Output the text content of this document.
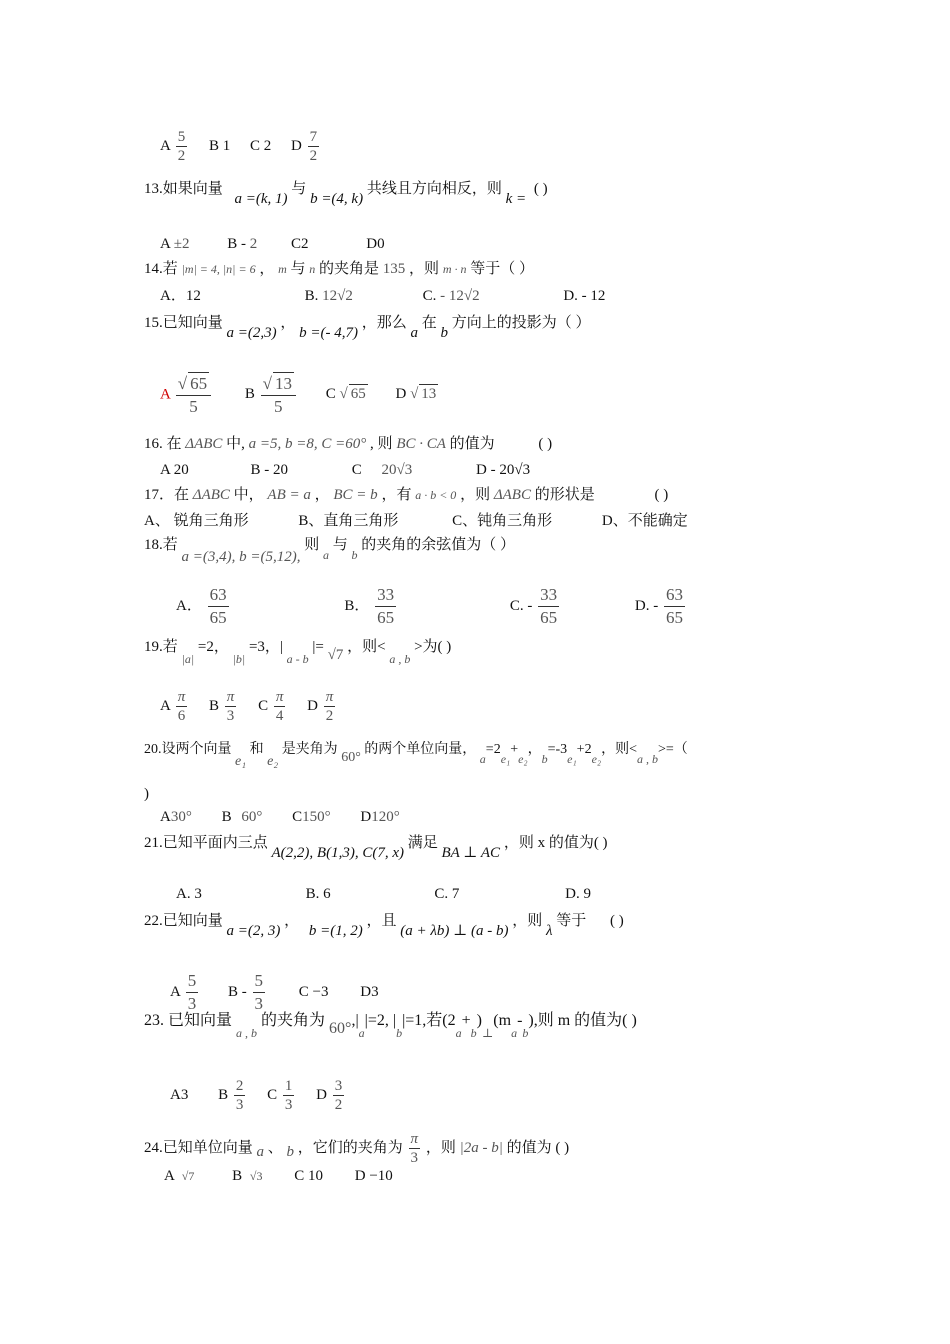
A $\frac{5}{2}$ B 1 C 2 D $\frac{7}{2}$
13.如果向量 a =(k, 1) 与 b =(4, k) 共线且方向相反，则 k = ( )
A ±2	B - 2 C2	D0
14.若 |m| = 4, |n| = 6 ， m 与 n 的夹角是 135 ，则 m · n 等于（ ）
A．12	B. 12√2	C. - 12√2	D. - 12
15.已知向量 a =(2,3) ， b =(- 4,7) ，那么 a 在 b 方向上的投影为（ ）
A √ $\frac{65}{5}$ B √ $\frac{13}{5}$ C √ 65 D √ 13
16. 在 ΔABC 中, a =5, b =8, C =60° , 则 BC · CA 的值为	( )
A 20	B - 20	C 20√3	D - 20√3
17．在 ΔABC 中， AB = a ， BC = b ，有 a · b < 0 ，则 ΔABC 的形状是	( )
A、 锐角三角形	B、直角三角形	C、钝角三角形	D、不能确定
18.若 a =(3,4), b =(5,12), 则 $_a$ 与 $_b$ 的夹角的余弦值为（ ）
A． $\frac{63}{65}$	B． $\frac{33}{65}$	C. - $\frac{33}{65}$	D. - $\frac{63}{65}$
19.若 $_{|a|}$ =2， $_{|b|}$ =3，| $_{a - b}$ |= √7 ，则< $_{a , b}$ >为( )
A $\frac{\pi}{6}$ B $\frac{\pi}{3}$ C $\frac{\pi}{4}$ D $\frac{\pi}{2}$
20.设两个向量 e₁ 和 e₂ 是夹角为 60° 的两个单位向量， a=2e₁+e₂，b=-3e₁+2e₂，则<a , b>=（
)
A30° B 60° C150° D120°
21.已知平面内三点 A(2,2), B(1,3), C(7, x) 满足 BA ⊥ AC ，则 x 的值为( )
A. 3	B. 6	C. 7	D. 9
22.已知向量 a =(2, 3) ， b =(1, 2) ，且 (a + λb) ⊥ (a - b) ，则 λ 等于 ( )
A $\frac{5}{3}$ B - $\frac{5}{3}$ C −3 D3
23. 已知向量 $_{a , b}$ 的夹角为 $60^\circ,|_a|=2$, $|_b|=1$,若$(2_a+_b)_\perp(m_a-_b)$,则 m 的值为( )
A3 B $\frac{2}{3}$ C $\frac{1}{3}$ D $\frac{3}{2}$
24.已知单位向量 a 、 b ，它们的夹角为 $\frac{\pi}{3}$ ，则 |2a - b| 的值为 ( )
A √7	B √3 C 10 D −10
